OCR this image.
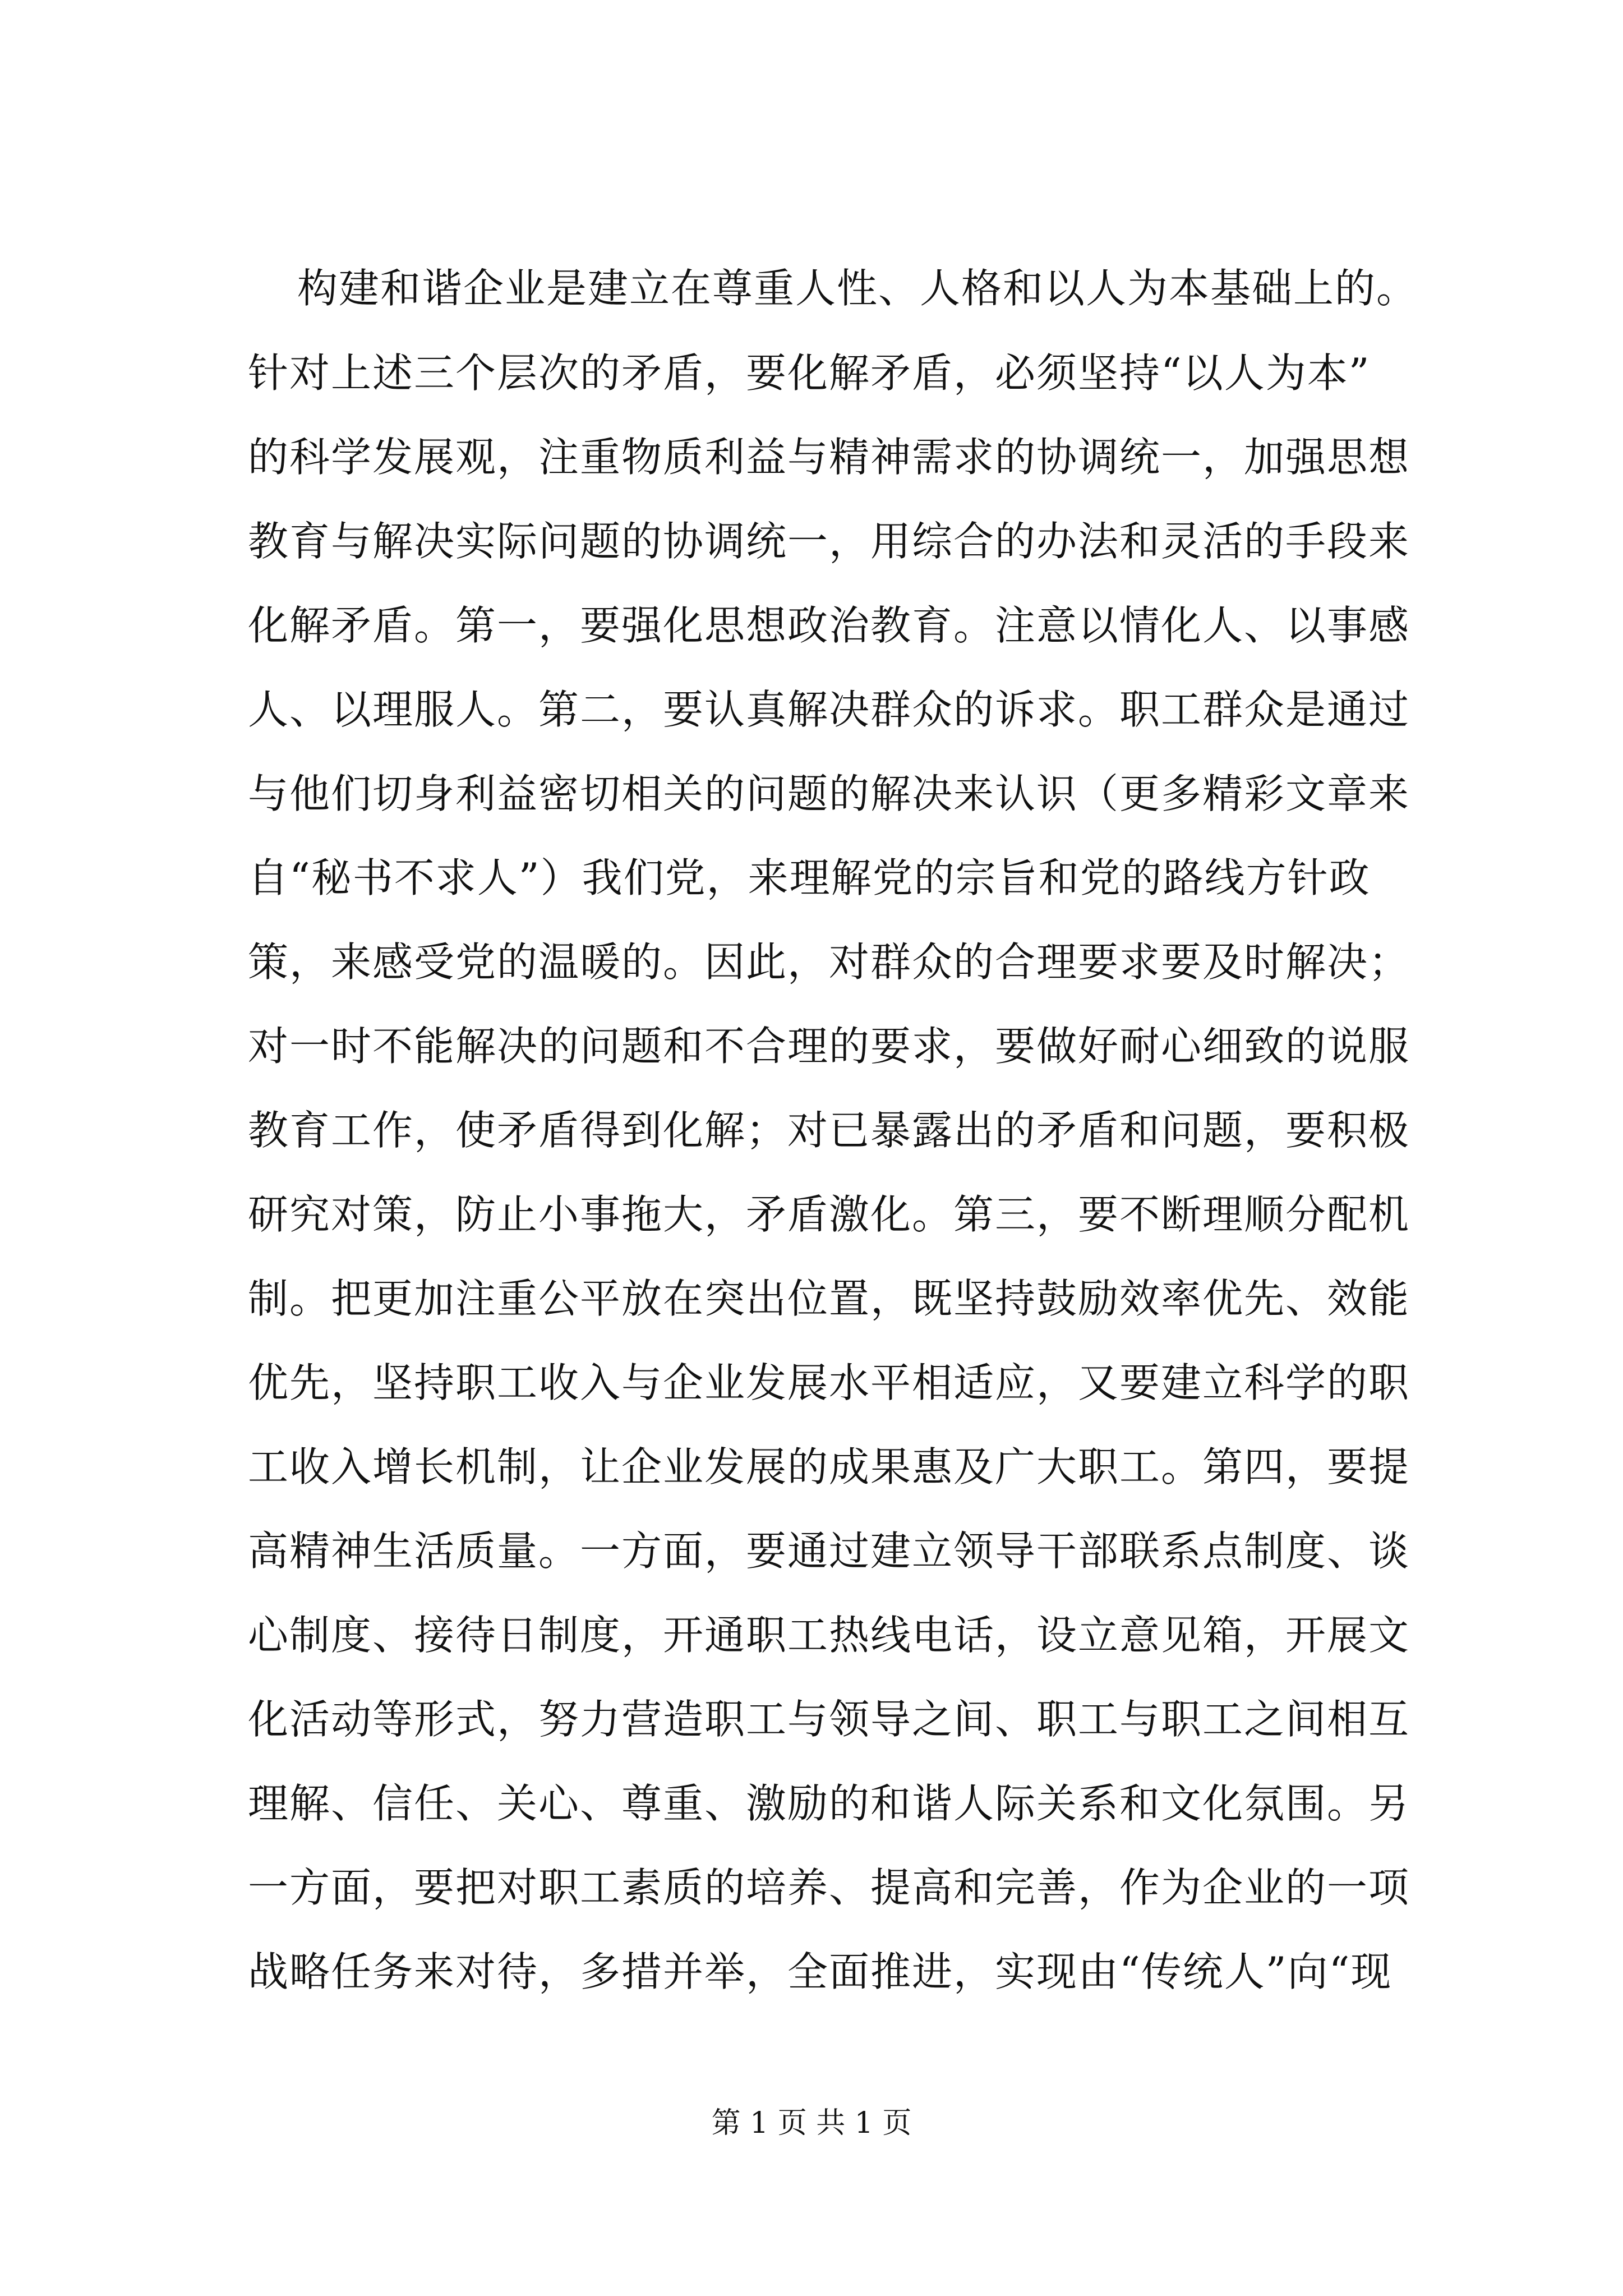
构建和谐企业是建立在尊重人性、人格和以人为本基础上的。
针对上述三个层次的矛盾，要化解矛盾，必须坚持“以人为本”
的科学发展观，注重物质利益与精神需求的协调统一，加强思想
教育与解决实际问题的协调统一，用综合的办法和灵活的手段来
化解矛盾。第一，要强化思想政治教育。注意以情化人、以事感
人、以理服人。第二，要认真解决群众的诉求。职工群众是通过
与他们切身利益密切相关的问题的解决来认识（更多精彩文章来
自“秘书不求人”）我们党，来理解党的宗旨和党的路线方针政
策，来感受党的温暖的。因此，对群众的合理要求要及时解决；
对一时不能解决的问题和不合理的要求，要做好耐心细致的说服
教育工作，使矛盾得到化解；对已暴露出的矛盾和问题，要积极
研究对策，防止小事拖大，矛盾激化。第三，要不断理顺分配机
制。把更加注重公平放在突出位置，既坚持鼓励效率优先、效能
优先，坚持职工收入与企业发展水平相适应，又要建立科学的职
工收入增长机制，让企业发展的成果惠及广大职工。第四，要提
高精神生活质量。一方面，要通过建立领导干部联系点制度、谈
心制度、接待日制度，开通职工热线电话，设立意见箱，开展文
化活动等形式，努力营造职工与领导之间、职工与职工之间相互
理解、信任、关心、尊重、激励的和谐人际关系和文化氛围。另
一方面，要把对职工素质的培养、提高和完善，作为企业的一项
战略任务来对待，多措并举，全面推进，实现由“传统人”向“现
第 1 页 共 1 页
